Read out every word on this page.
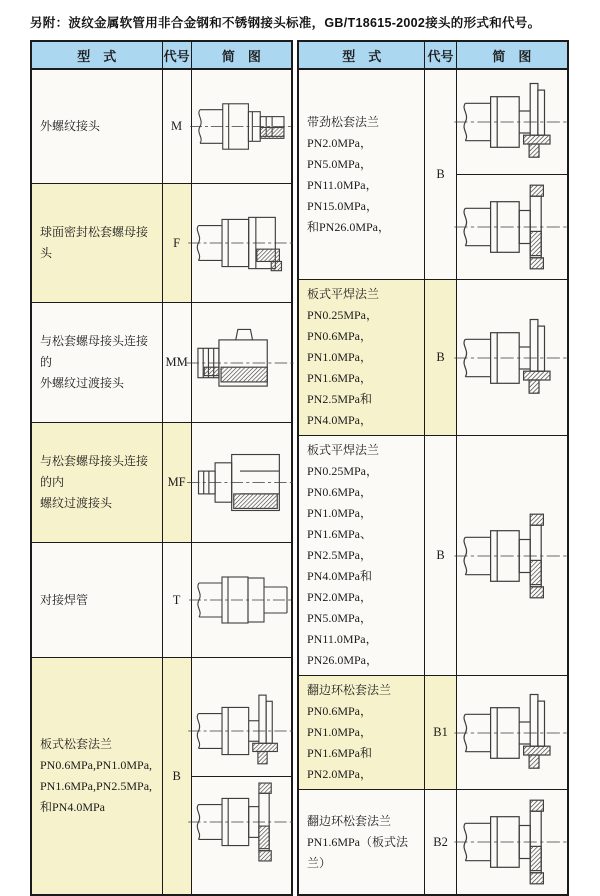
另附：波纹金属软管用非合金钢和不锈钢接头标准，GB/T18615-2002接头的形式和代号。
型　式	代号	简　图

外螺纹接头	M	

球面密封松套螺母接头	F	

与松套螺母接头连接的
外螺纹过渡接头	MM	

与松套螺母接头连接的内
螺纹过渡接头	MF	

对接焊管	T	

板式松套法兰
PN0.6MPa,PN1.0MPa,
PN1.6MPa,PN2.5MPa,
和PN4.0MPa	B	
型　式	代号	简　图

带劲松套法兰
PN2.0MPa，PN5.0MPa，
PN11.0MPa，PN15.0MPa，
和PN26.0MPa，	B	

板式平焊法兰
PN0.25MPa，PN0.6MPa，
PN1.0MPa，PN1.6MPa，
PN2.5MPa和PN4.0MPa，	B	

板式平焊法兰
PN0.25MPa，PN0.6MPa，
PN1.0MPa，PN1.6MPa、
PN2.5MPa，PN4.0MPa和
PN2.0MPa，PN5.0MPa，
PN11.0MPa，PN26.0MPa，
	B	

翻边环松套法兰
PN0.6MPa，PN1.0MPa，
PN1.6MPa和PN2.0MPa，	B1	

翻边环松套法兰
PN1.6MPa（板式法兰）	B2	
